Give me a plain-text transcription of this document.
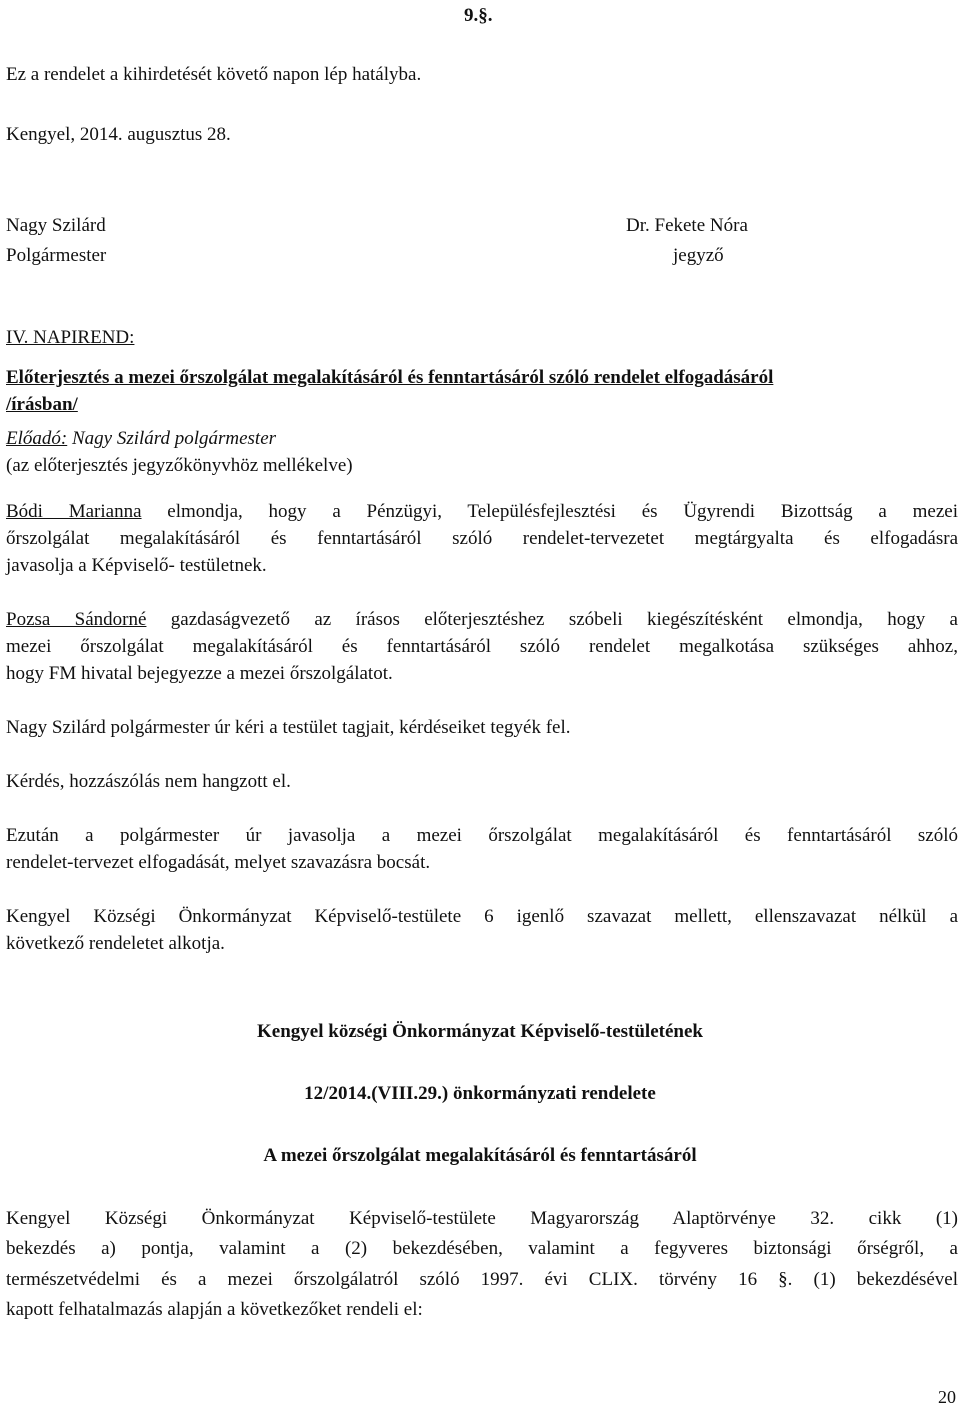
9.§.
Ez a rendelet a kihirdetését követő napon lép hatályba.
Kengyel, 2014. augusztus 28.
Nagy Szilárd
Polgármester
Dr. Fekete Nóra
jegyző
IV. NAPIREND:
Előterjesztés a mezei őrszolgálat megalakításáról és fenntartásáról szóló rendelet elfogadásáról
/írásban/
Előadó: Nagy Szilárd polgármester
(az előterjesztés jegyzőkönyvhöz mellékelve)
Bódi Marianna elmondja, hogy a Pénzügyi, Településfejlesztési és Ügyrendi Bizottság a mezei
őrszolgálat megalakításáról és fenntartásáról szóló rendelet-tervezetet megtárgyalta és elfogadásra
javasolja a Képviselő- testületnek.
Pozsa Sándorné gazdaságvezető az írásos előterjesztéshez szóbeli kiegészítésként elmondja, hogy a
mezei őrszolgálat megalakításáról és fenntartásáról szóló rendelet megalkotása szükséges ahhoz,
hogy FM hivatal bejegyezze a mezei őrszolgálatot.
Nagy Szilárd polgármester úr kéri a testület tagjait, kérdéseiket tegyék fel.
Kérdés, hozzászólás nem hangzott el.
Ezután a polgármester úr javasolja a mezei őrszolgálat megalakításáról és fenntartásáról szóló
rendelet-tervezet elfogadását, melyet szavazásra bocsát.
Kengyel Községi Önkormányzat Képviselő-testülete 6 igenlő szavazat mellett, ellenszavazat nélkül a
következő rendeletet alkotja.
Kengyel községi Önkormányzat Képviselő-testületének
12/2014.(VIII.29.) önkormányzati rendelete
A mezei őrszolgálat megalakításáról és fenntartásáról
Kengyel Községi Önkormányzat Képviselő-testülete Magyarország Alaptörvénye 32. cikk (1)
bekezdés a) pontja, valamint a (2) bekezdésében, valamint a fegyveres biztonsági őrségről, a
természetvédelmi és a mezei őrszolgálatról szóló 1997. évi CLIX. törvény 16 §. (1) bekezdésével
kapott felhatalmazás alapján a következőket rendeli el:
20
